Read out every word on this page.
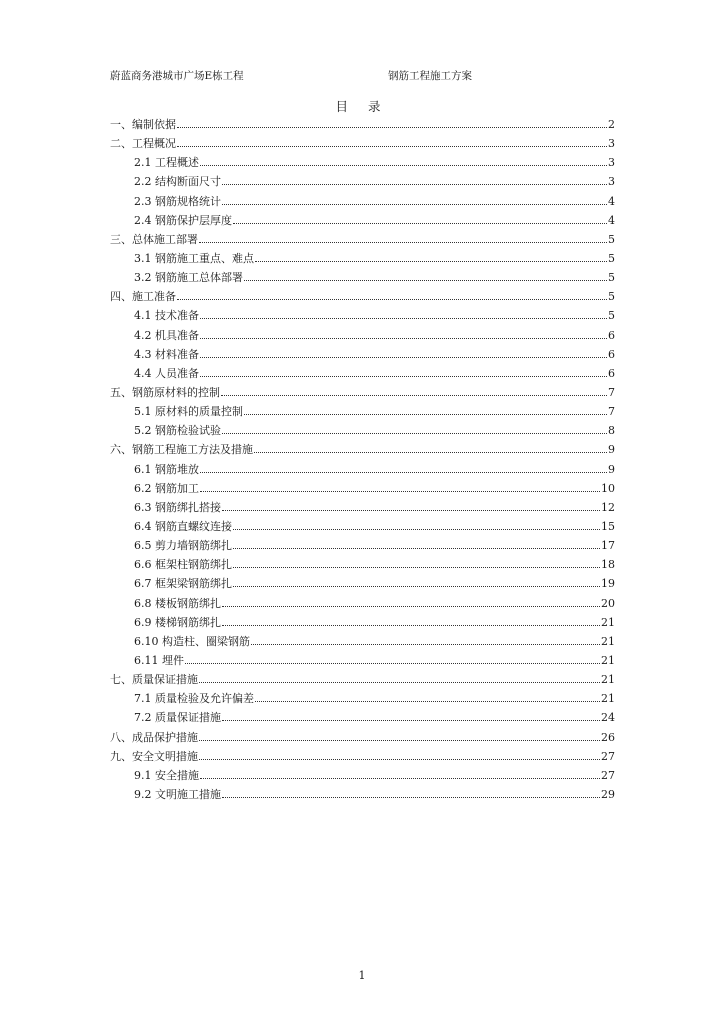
蔚蓝商务港城市广场E栋工程	钢筋工程施工方案
目 录
一、编制依据	2
二、工程概况	3
2.1 工程概述	3
2.2 结构断面尺寸	3
2.3 钢筋规格统计	4
2.4 钢筋保护层厚度	4
三、总体施工部署	5
3.1 钢筋施工重点、难点	5
3.2 钢筋施工总体部署	5
四、施工准备	5
4.1 技术准备	5
4.2 机具准备	6
4.3 材料准备	6
4.4 人员准备	6
五、钢筋原材料的控制	7
5.1 原材料的质量控制	7
5.2 钢筋检验试验	8
六、钢筋工程施工方法及措施	9
6.1 钢筋堆放	9
6.2 钢筋加工	10
6.3 钢筋绑扎搭接	12
6.4 钢筋直螺纹连接	15
6.5 剪力墙钢筋绑扎	17
6.6 框架柱钢筋绑扎	18
6.7 框架梁钢筋绑扎	19
6.8 楼板钢筋绑扎	20
6.9 楼梯钢筋绑扎	21
6.10 构造柱、圈梁钢筋	21
6.11 埋件	21
七、质量保证措施	21
7.1 质量检验及允许偏差	21
7.2 质量保证措施	24
八、成品保护措施	26
九、安全文明措施	27
9.1 安全措施	27
9.2 文明施工措施	29
1
